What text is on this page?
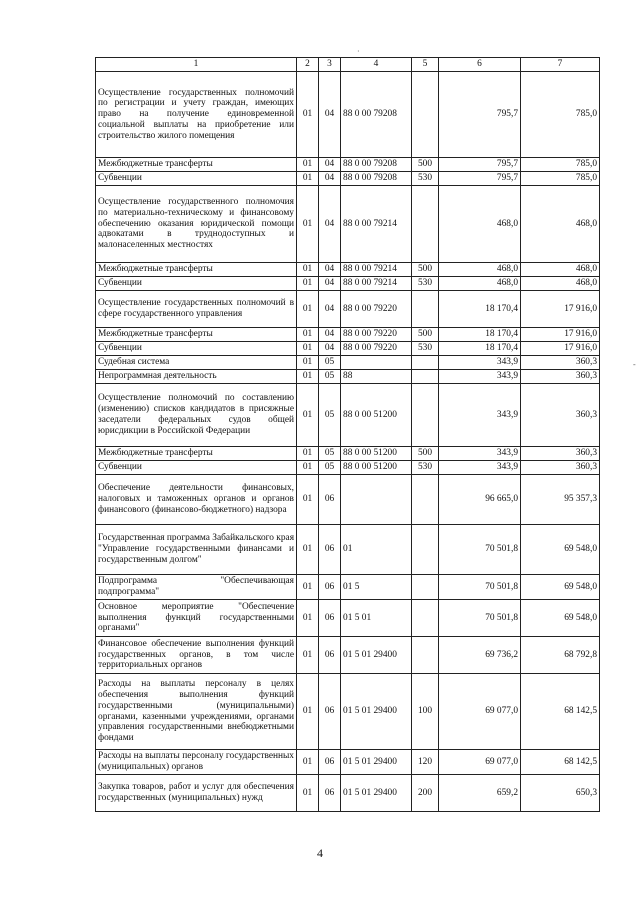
·
-
1	2	3	4	5	6	7
Осуществление государственных полномочий по регистрации и учету граждан, имеющих право на получение единовременной социальной выплаты на приобретение или строительство жилого помещения	01	04	88 0 00 79208		795,7	785,0
Межбюджетные трансферты	01	04	88 0 00 79208	500	795,7	785,0
Субвенции	01	04	88 0 00 79208	530	795,7	785,0
Осуществление государственного полномочия по материально-техническому и финансовому обеспечению оказания юридической помощи адвокатами в труднодоступных и малонаселенных местностях	01	04	88 0 00 79214		468,0	468,0
Межбюджетные трансферты	01	04	88 0 00 79214	500	468,0	468,0
Субвенции	01	04	88 0 00 79214	530	468,0	468,0
Осуществление государственных полномочий в сфере государственного управления	01	04	88 0 00 79220		18 170,4	17 916,0
Межбюджетные трансферты	01	04	88 0 00 79220	500	18 170,4	17 916,0
Субвенции	01	04	88 0 00 79220	530	18 170,4	17 916,0
Судебная система	01	05			343,9	360,3
Непрограммная деятельность	01	05	88		343,9	360,3
Осуществление полномочий по составлению (изменению) списков кандидатов в присяжные заседатели федеральных судов общей юрисдикции в Российской Федерации	01	05	88 0 00 51200		343,9	360,3
Межбюджетные трансферты	01	05	88 0 00 51200	500	343,9	360,3
Субвенции	01	05	88 0 00 51200	530	343,9	360,3
Обеспечение деятельности финансовых, налоговых и таможенных органов и органов финансового (финансово-бюджетного) надзора	01	06			96 665,0	95 357,3
Государственная программа Забайкальского края "Управление государственными финансами и государственным долгом"	01	06	01		70 501,8	69 548,0
Подпрограмма "Обеспечивающая подпрограмма"	01	06	01 5		70 501,8	69 548,0
Основное мероприятие "Обеспечение выполнения функций государственными органами"	01	06	01 5 01		70 501,8	69 548,0
Финансовое обеспечение выполнения функций государственных органов, в том числе территориальных органов	01	06	01 5 01 29400		69 736,2	68 792,8
Расходы на выплаты персоналу в целях обеспечения выполнения функций государственными (муниципальными) органами, казенными учреждениями, органами управления государственными внебюджетными фондами	01	06	01 5 01 29400	100	69 077,0	68 142,5
Расходы на выплаты персоналу государственных (муниципальных) органов	01	06	01 5 01 29400	120	69 077,0	68 142,5
Закупка товаров, работ и услуг для обеспечения государственных (муниципальных) нужд	01	06	01 5 01 29400	200	659,2	650,3
4
